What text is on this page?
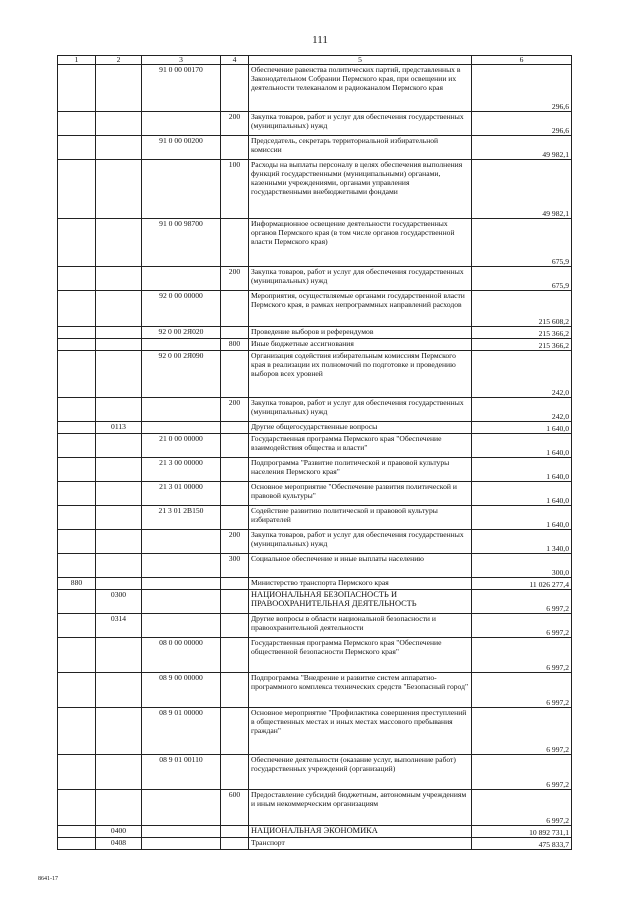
111
1	2	3	4	5	6
		91 0 00 00170		Обеспечение равенства политических партий, представленных в Законодательном Собрании Пермского края, при освещении их деятельности телеканалом и радиоканалом Пермского края	296,6
			200	Закупка товаров, работ и услуг для обеспечения государственных (муниципальных) нужд	296,6
		91 0 00 00200		Председатель, секретарь территориальной избирательной комиссии	49 982,1
			100	Расходы на выплаты персоналу в целях обеспечения выполнения функций государственными (муниципальными) органами, казенными учреждениями, органами управления государственными внебюджетными фондами	49 982,1
		91 0 00 98700		Информационное освещение деятельности государственных органов Пермского края (в том числе органов государственной власти Пермского края)	675,9
			200	Закупка товаров, работ и услуг для обеспечения государственных (муниципальных) нужд	675,9
		92 0 00 00000		Мероприятия, осуществляемые органами государственной власти Пермского края, в рамках непрограммных направлений расходов	215 608,2
		92 0 00 2Я020		Проведение выборов и референдумов	215 366,2
			800	Иные бюджетные ассигнования	215 366,2
		92 0 00 2Я090		Организация содействия избирательным комиссиям Пермского края в реализации их полномочий по подготовке и проведению выборов всех уровней	242,0
			200	Закупка товаров, работ и услуг для обеспечения государственных (муниципальных) нужд	242,0
	0113			Другие общегосударственные вопросы	1 640,0
		21 0 00 00000		Государственная программа Пермского края "Обеспечение взаимодействия общества и власти"	1 640,0
		21 3 00 00000		Подпрограмма "Развитие политической и правовой культуры населения Пермского края"	1 640,0
		21 3 01 00000		Основное мероприятие "Обеспечение развития политической и правовой культуры"	1 640,0
		21 3 01 2В150		Содействие развитию политической и правовой культуры избирателей	1 640,0
			200	Закупка товаров, работ и услуг для обеспечения государственных (муниципальных) нужд	1 340,0
			300	Социальное обеспечение и иные выплаты населению	300,0
880				Министерство транспорта Пермского края	11 026 277,4
	0300			НАЦИОНАЛЬНАЯ БЕЗОПАСНОСТЬ И ПРАВООХРАНИТЕЛЬНАЯ ДЕЯТЕЛЬНОСТЬ	6 997,2
	0314			Другие вопросы в области национальной безопасности и правоохранительной деятельности	6 997,2
		08 0 00 00000		Государственная программа Пермского края "Обеспечение общественной безопасности Пермского края"	6 997,2
		08 9 00 00000		Подпрограмма "Внедрение и развитие систем аппаратно-программного комплекса технических средств "Безопасный город"	6 997,2
		08 9 01 00000		Основное мероприятие "Профилактика совершения преступлений в общественных местах и иных местах массового пребывания граждан"	6 997,2
		08 9 01 00110		Обеспечение деятельности (оказание услуг, выполнение работ) государственных учреждений (организаций)	6 997,2
			600	Предоставление субсидий бюджетным, автономным учреждениям и иным некоммерческим организациям	6 997,2
	0400			НАЦИОНАЛЬНАЯ ЭКОНОМИКА	10 892 731,1
	0408			Транспорт	475 833,7
8641-17
